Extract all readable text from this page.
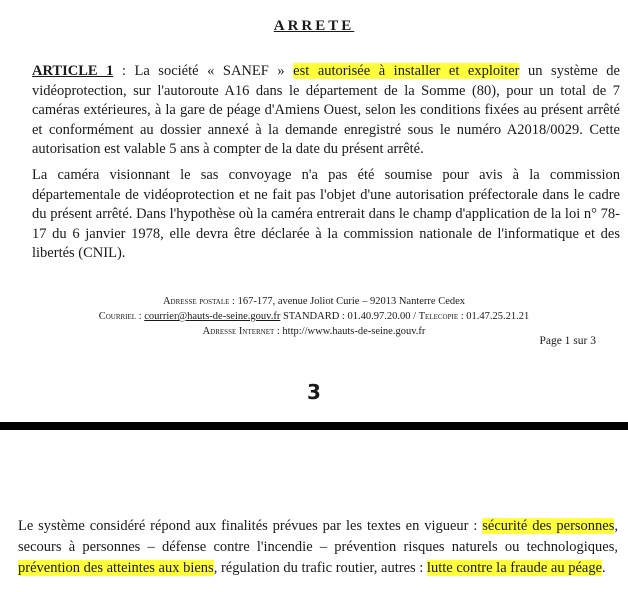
ARRETE

ARTICLE 1 : La société « SANEF » est autorisée à installer et exploiter un système de vidéoprotection, sur l'autoroute A16 dans le département de la Somme (80), pour un total de 7 caméras extérieures, à la gare de péage d'Amiens Ouest, selon les conditions fixées au présent arrêté et conformément au dossier annexé à la demande enregistré sous le numéro A2018/0029. Cette autorisation est valable 5 ans à compter de la date du présent arrêté.

La caméra visionnant le sas convoyage n'a pas été soumise pour avis à la commission départementale de vidéoprotection et ne fait pas l'objet d'une autorisation préfectorale dans le cadre du présent arrêté. Dans l'hypothèse où la caméra entrerait dans le champ d'application de la loi n° 78-17 du 6 janvier 1978, elle devra être déclarée à la commission nationale de l'informatique et des libertés (CNIL).

Adresse postale : 167-177, avenue Joliot Curie – 92013 Nanterre Cedex
Courriel : courrier@hauts-de-seine.gouv.fr STANDARD : 01.40.97.20.00 / Telecopie : 01.47.25.21.21
Adresse Internet : http://www.hauts-de-seine.gouv.fr
Page 1 sur 3
3

Le système considéré répond aux finalités prévues par les textes en vigueur : sécurité des personnes, secours à personnes – défense contre l'incendie – prévention risques naturels ou technologiques, prévention des atteintes aux biens, régulation du trafic routier, autres : lutte contre la fraude au péage.
